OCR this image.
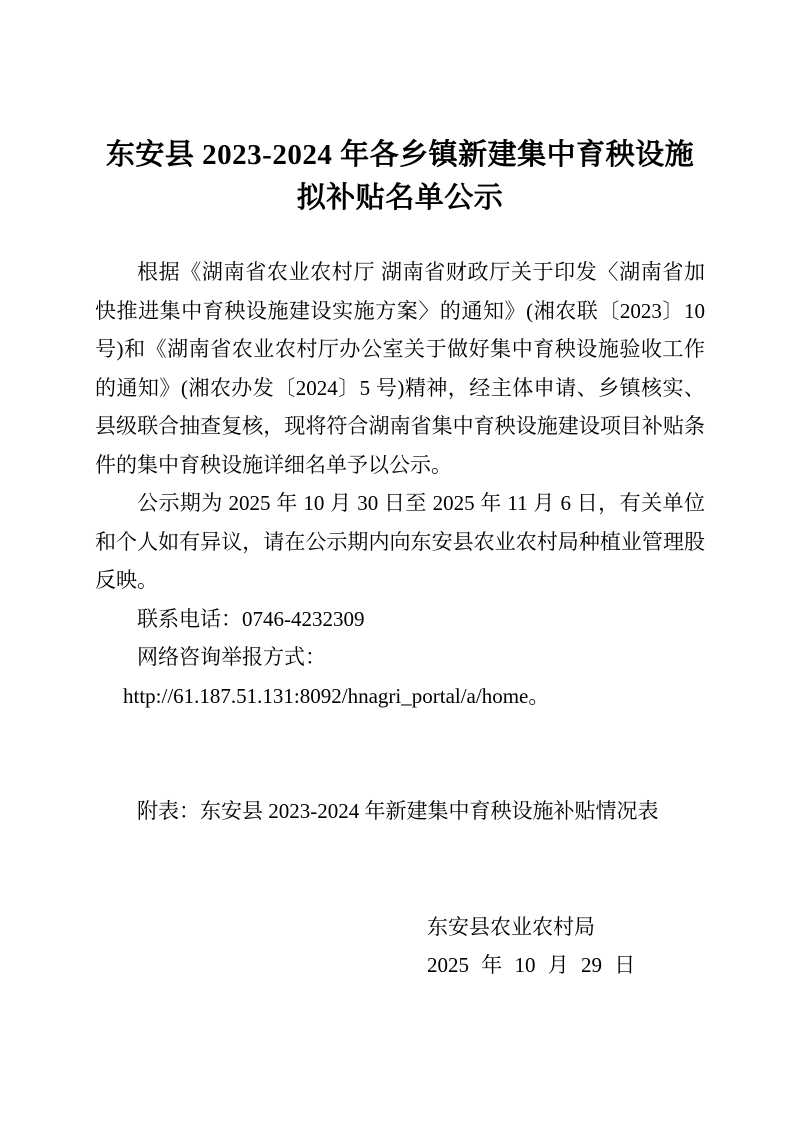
东安县 2023-2024 年各乡镇新建集中育秧设施拟补贴名单公示

根据《湖南省农业农村厅 湖南省财政厅关于印发〈湖南省加快推进集中育秧设施建设实施方案〉的通知》(湘农联〔2023〕10 号)和《湖南省农业农村厅办公室关于做好集中育秧设施验收工作的通知》(湘农办发〔2024〕5 号)精神，经主体申请、乡镇核实、县级联合抽查复核，现将符合湖南省集中育秧设施建设项目补贴条件的集中育秧设施详细名单予以公示。

公示期为 2025 年 10 月 30 日至 2025 年 11 月 6 日，有关单位和个人如有异议，请在公示期内向东安县农业农村局种植业管理股反映。

联系电话：0746-4232309

网络咨询举报方式：

http://61.187.51.131:8092/hnagri_portal/a/home。

附表：东安县 2023-2024 年新建集中育秧设施补贴情况表

东安县农业农村局

2025 年 10 月 29 日
